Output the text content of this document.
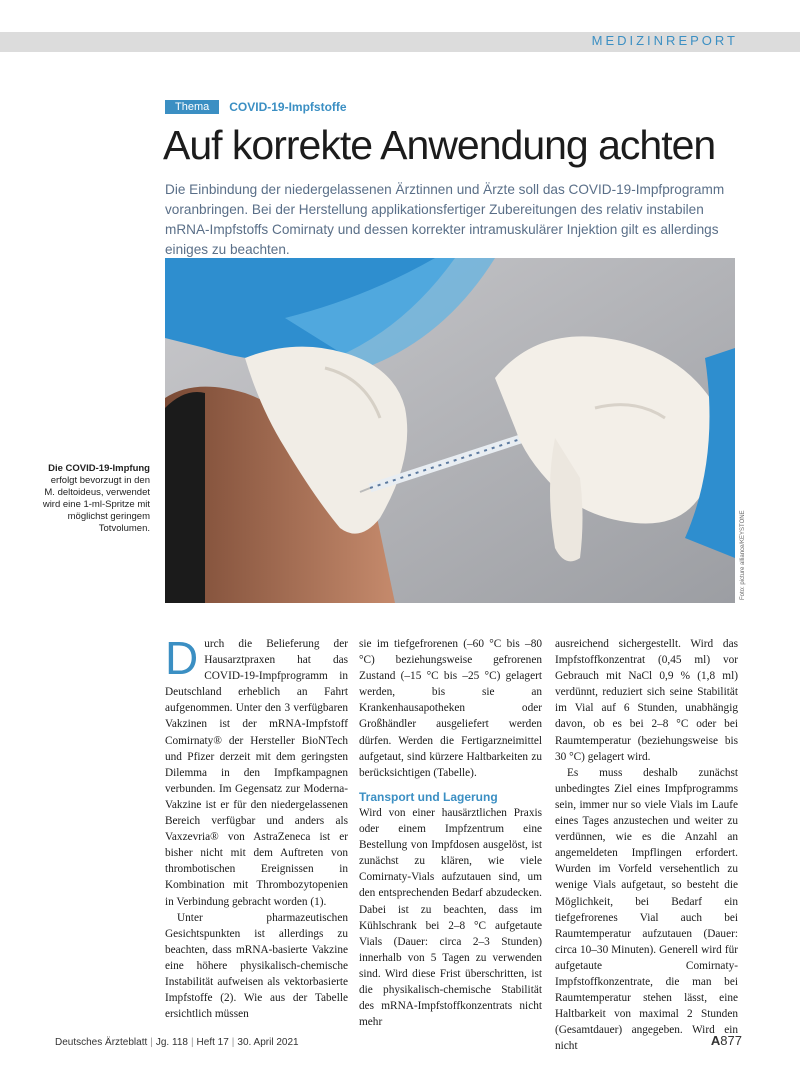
MEDIZINREPORT
Thema	COVID-19-Impfstoffe
Auf korrekte Anwendung achten

Die Einbindung der niedergelassenen Ärztinnen und Ärzte soll das COVID-19-Impfprogramm voranbringen. Bei der Herstellung applikationsfertiger Zubereitungen des relativ instabilen mRNA-Impfstoffs Comirnaty und dessen korrekter intramuskulärer Injektion gilt es allerdings einiges zu beachten.

Foto: picture alliance/KEYSTONE
Die COVID-19-Impfung erfolgt bevorzugt in den M. deltoideus, verwendet wird eine 1-ml-Spritze mit möglichst geringem Totvolumen.

Durch die Belieferung der Hausarztpraxen hat das COVID-19-Impfprogramm in Deutschland erheblich an Fahrt aufgenommen. Unter den 3 verfügbaren Vakzinen ist der mRNA-Impfstoff Comirnaty® der Hersteller BioNTech und Pfizer derzeit mit dem geringsten Dilemma in den Impfkampagnen verbunden. Im Gegensatz zur Moderna-Vakzine ist er für den niedergelassenen Bereich verfügbar und anders als Vaxzevria® von AstraZeneca ist er bisher nicht mit dem Auftreten von thrombotischen Ereignissen in Kombination mit Thrombozytopenien in Verbindung gebracht worden (1).

Unter pharmazeutischen Gesichtspunkten ist allerdings zu beachten, dass mRNA-basierte Vakzine eine höhere physikalisch-chemische Instabilität aufweisen als vektorbasierte Impfstoffe (2). Wie aus der Tabelle ersichtlich müssen

sie im tiefgefrorenen (–60 °C bis –80 °C) beziehungsweise gefrorenen Zustand (–15 °C bis –25 °C) gelagert werden, bis sie an Krankenhausapotheken oder Großhändler ausgeliefert werden dürfen. Werden die Fertigarzneimittel aufgetaut, sind kürzere Haltbarkeiten zu berücksichtigen (Tabelle).

Transport und Lagerung

Wird von einer hausärztlichen Praxis oder einem Impfzentrum eine Bestellung von Impfdosen ausgelöst, ist zunächst zu klären, wie viele Comirnaty-Vials aufzutauen sind, um den entsprechenden Bedarf abzudecken. Dabei ist zu beachten, dass im Kühlschrank bei 2–8 °C aufgetaute Vials (Dauer: circa 2–3 Stunden) innerhalb von 5 Tagen zu verwenden sind. Wird diese Frist überschritten, ist die physikalisch-chemische Stabilität des mRNA-Impfstoffkonzentrats nicht mehr

ausreichend sichergestellt. Wird das Impfstoffkonzentrat (0,45 ml) vor Gebrauch mit NaCl 0,9 % (1,8 ml) verdünnt, reduziert sich seine Stabilität im Vial auf 6 Stunden, unabhängig davon, ob es bei 2–8 °C oder bei Raumtemperatur (beziehungsweise bis 30 °C) gelagert wird.

Es muss deshalb zunächst unbedingtes Ziel eines Impfprogramms sein, immer nur so viele Vials im Laufe eines Tages anzustechen und weiter zu verdünnen, wie es die Anzahl an angemeldeten Impflingen erfordert. Wurden im Vorfeld versehentlich zu wenige Vials aufgetaut, so besteht die Möglichkeit, bei Bedarf ein tiefgefrorenes Vial auch bei Raumtemperatur aufzutauen (Dauer: circa 10–30 Minuten). Generell wird für aufgetaute Comirnaty-Impfstoffkonzentrate, die man bei Raumtemperatur stehen lässt, eine Haltbarkeit von maximal 2 Stunden (Gesamtdauer) angegeben. Wird ein nicht

Deutsches Ärzteblatt | Jg. 118 | Heft 17 | 30. April 2021	A877
